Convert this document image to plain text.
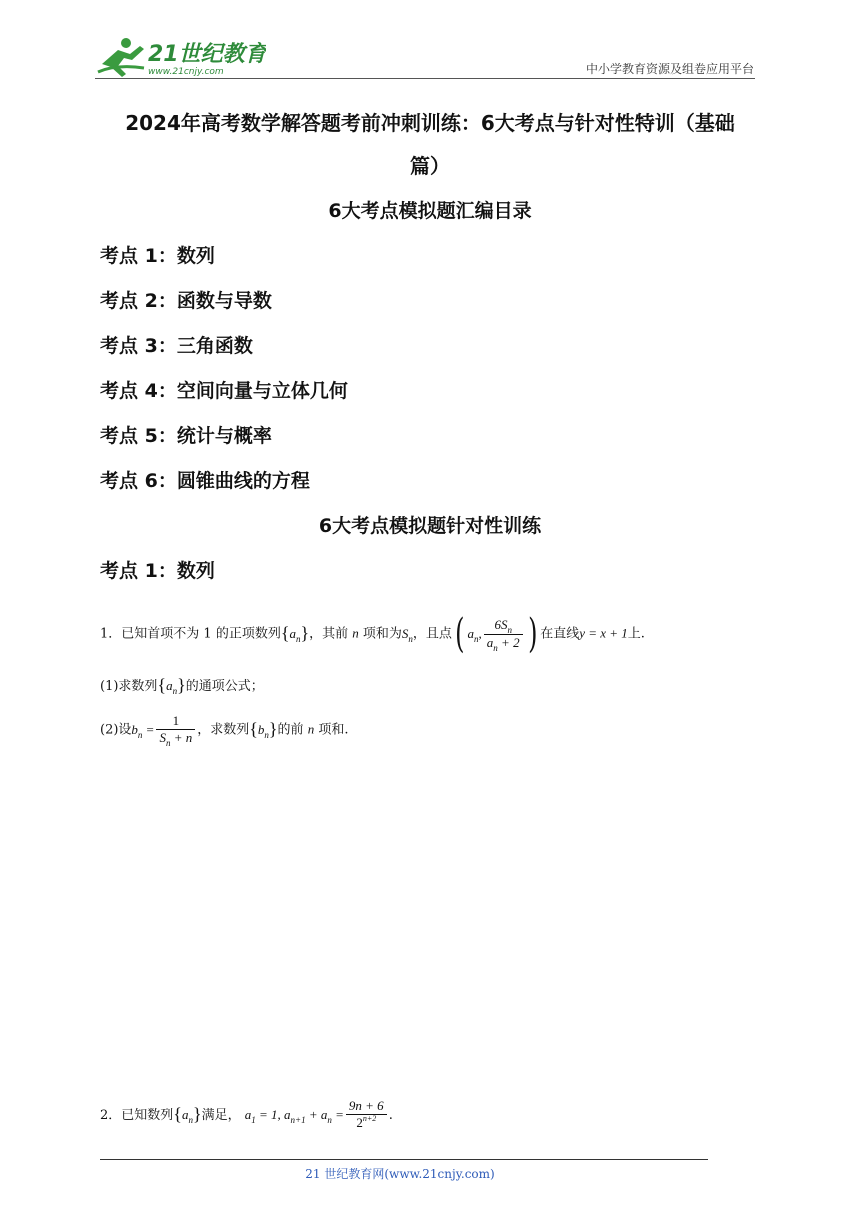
21世纪教育
www.21cnjy.com	中小学教育资源及组卷应用平台
2024年高考数学解答题考前冲刺训练：6大考点与针对性特训（基础
篇）
6大考点模拟题汇编目录
考点 1：数列
考点 2：函数与导数
考点 3：三角函数
考点 4：空间向量与立体几何
考点 5：统计与概率
考点 6：圆锥曲线的方程
6大考点模拟题针对性训练
考点 1：数列
1．已知首项不为 1 的正项数列$\{a_n\}$，其前 n 项和为$S_n$，且点( $a_n$, $\frac{6S_n}{a_n + 2}$ ) 在直线y = x + 1上.
(1)求数列$\{a_n\}$的通项公式；
(2)设$b_n = \frac{1}{S_n + n}$ ，求数列$\{b_n\}$的前 n 项和.
2．已知数列$\{a_n\}$满足， $a_1 = 1$, $a_{n+1} + a_n = \frac{9n + 6}{2^{n+2}}$ .
21 世纪教育网(www.21cnjy.com)
